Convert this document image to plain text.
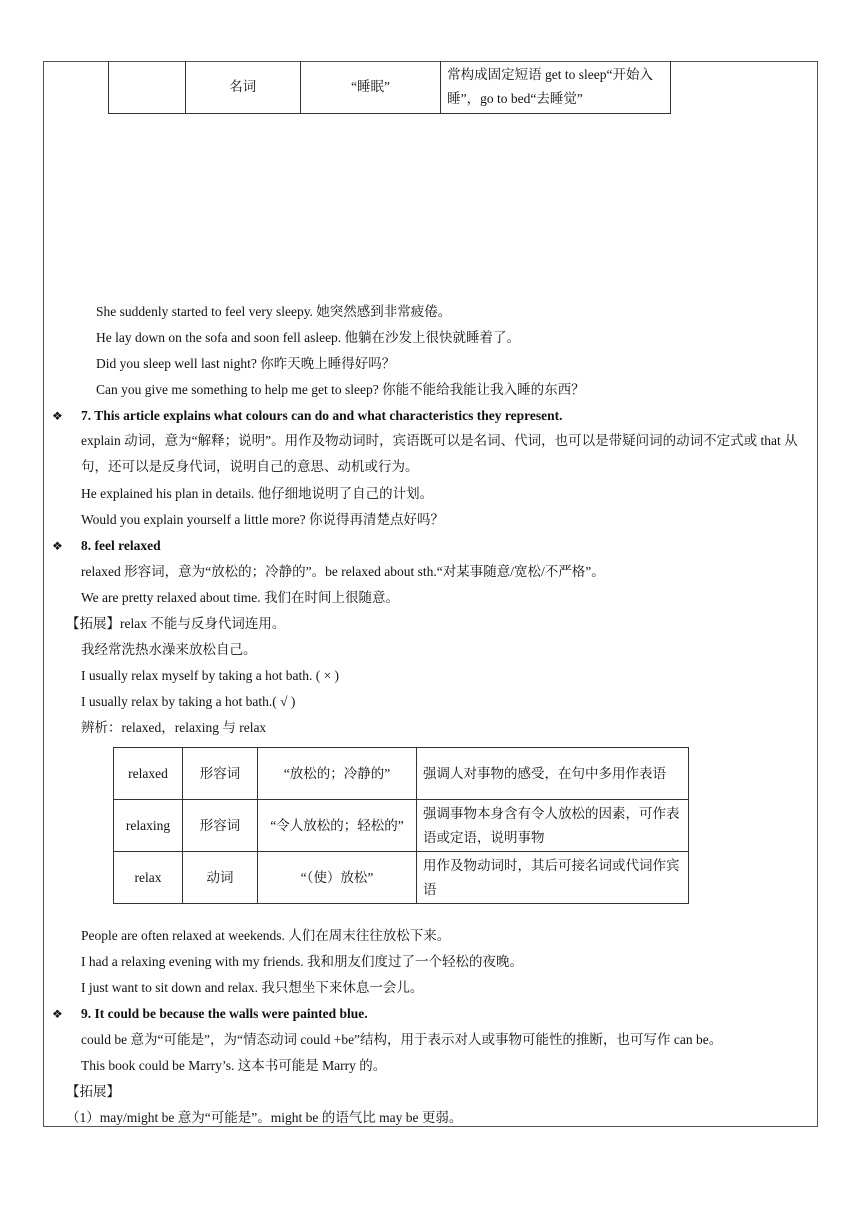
	名词	“睡眠”	常构成固定短语 get to sleep“开始入睡”，go to bed“去睡觉”
She suddenly started to feel very sleepy. 她突然感到非常疲倦。
He lay down on the sofa and soon fell asleep. 他躺在沙发上很快就睡着了。
Did you sleep well last night? 你昨天晚上睡得好吗？
Can you give me something to help me get to sleep? 你能不能给我能让我入睡的东西？
❖ 7. This article explains what colours can do and what characteristics they represent.
explain 动词，意为“解释；说明”。用作及物动词时，宾语既可以是名词、代词，也可以是带疑问词的动词不定式或 that 从句，还可以是反身代词，说明自己的意思、动机或行为。
He explained his plan in details. 他仔细地说明了自己的计划。
Would you explain yourself a little more? 你说得再清楚点好吗？
❖ 8. feel relaxed
relaxed 形容词，意为“放松的；冷静的”。be relaxed about sth.“对某事随意/宽松/不严格”。
We are pretty relaxed about time. 我们在时间上很随意。
【拓展】relax 不能与反身代词连用。
我经常洗热水澡来放松自己。
I usually relax myself by taking a hot bath. ( × )
I usually relax by taking a hot bath.( √ )
辨析：relaxed，relaxing 与 relax
relaxed	形容词	“放松的；冷静的”	强调人对事物的感受，在句中多用作表语
relaxing	形容词	“令人放松的；轻松的”	强调事物本身含有令人放松的因素，可作表语或定语，说明事物
relax	动词	“（使）放松”	用作及物动词时，其后可接名词或代词作宾语
People are often relaxed at weekends. 人们在周末往往放松下来。
I had a relaxing evening with my friends. 我和朋友们度过了一个轻松的夜晚。
I just want to sit down and relax. 我只想坐下来休息一会儿。
❖ 9. It could be because the walls were painted blue.
could be 意为“可能是”，为“情态动词 could +be”结构，用于表示对人或事物可能性的推断，也可写作 can be。
This book could be Marry’s. 这本书可能是 Marry 的。
【拓展】
（1）may/might be 意为“可能是”。might be 的语气比 may be 更弱。
